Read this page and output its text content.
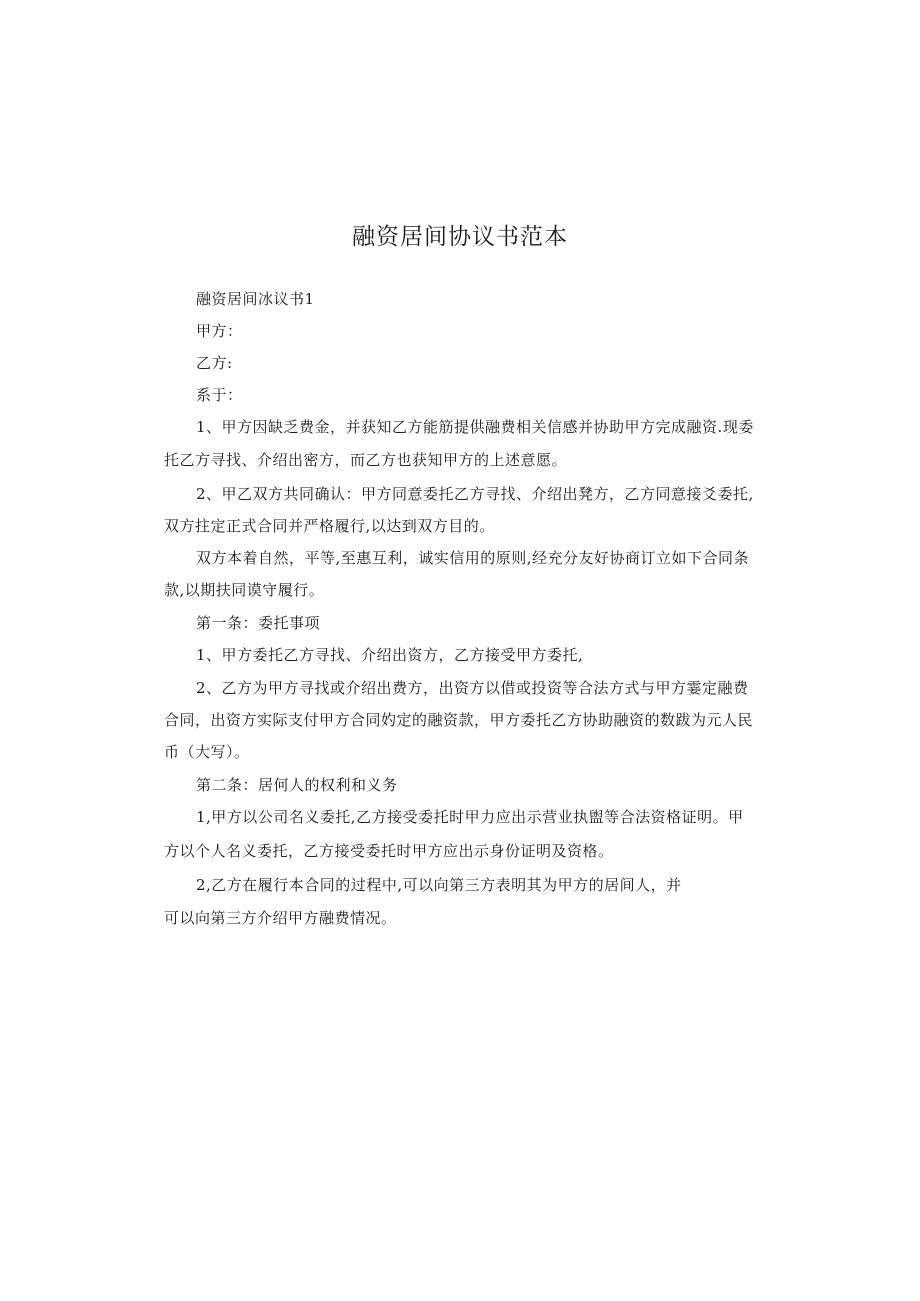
融资居间协议书范本
融资居间冰议书1
甲方：
乙方:
系于：
1、甲方因缺乏费金，并获知乙方能筋提供融费相关信感并协助甲方完成融资.现委
托乙方寻找、介绍出密方，而乙方也获知甲方的上述意愿。
2、甲乙双方共同确认：甲方同意委托乙方寻找、介绍出凳方，乙方同意接爻委托,
双方拄定正式合同并严格履行,以达到双方目的。
双方本着自然，平等,至惠互利，诚实信用的原则,经充分友好协商订立如下合同条
款,以期扶同谟守履行。
第一条：委托事项
1、甲方委托乙方寻找、介绍出资方，乙方接受甲方委托,
2、乙方为甲方寻找或介绍出费方，出资方以借或投资等合法方式与甲方霎定融费
合同，出资方实际支付甲方合同妁定的融资款，甲方委托乙方协助融资的数跋为元人民
币（大写）。
第二条：居何人的权利和义务
1,甲方以公司名义委托,乙方接受委托时甲力应出示营业执盥等合法资格证明。甲
方以个人名义委托，乙方接受委托时甲方应出示身份证明及资格。
2,乙方在履行本合同的过程中,可以向第三方表明其为甲方的居间人，并
可以向第三方介绍甲方融费情况。
